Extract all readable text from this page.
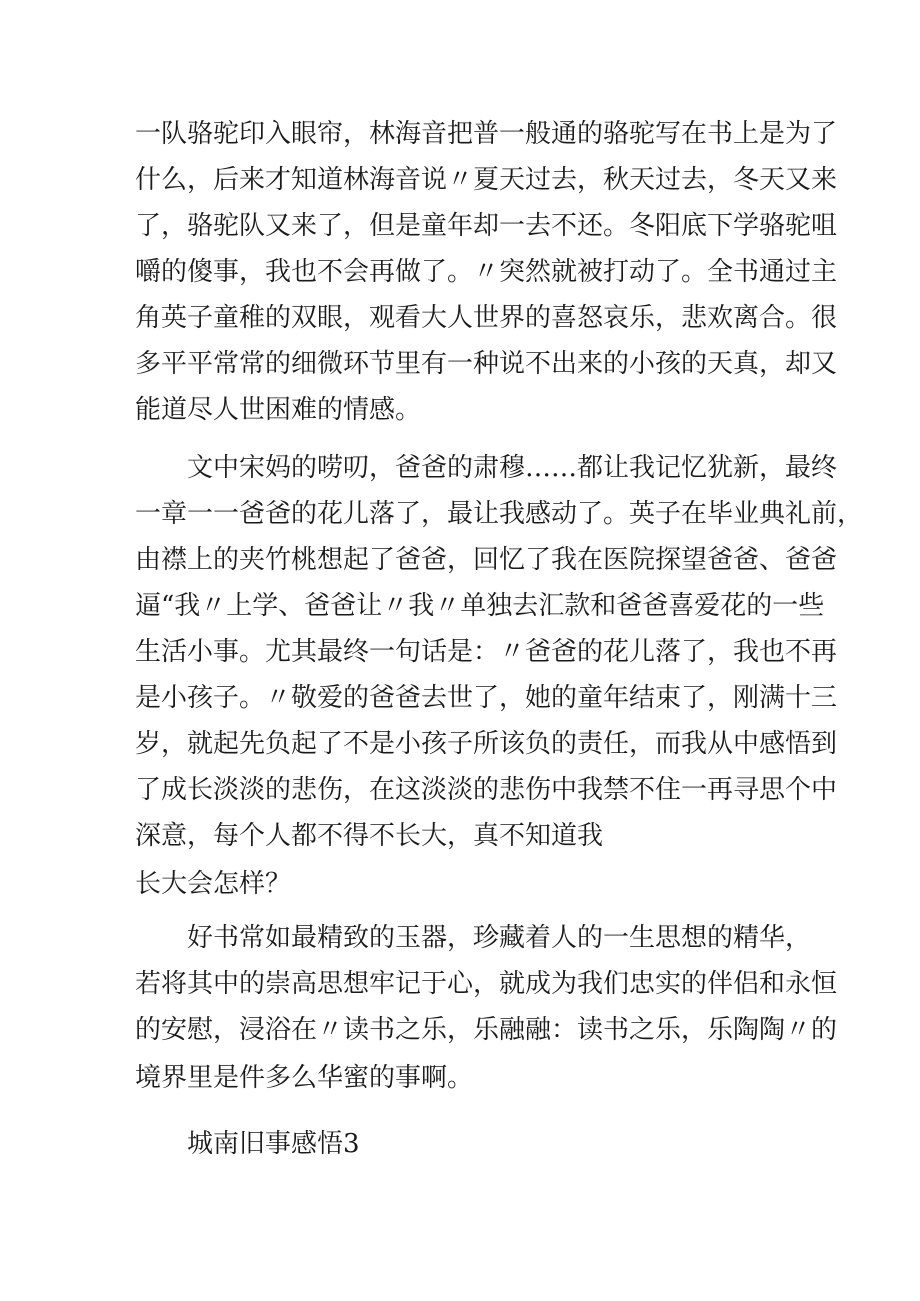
一队骆驼印入眼帘，林海音把普一般通的骆驼写在书上是为了
什么，后来才知道林海音说〃夏天过去，秋天过去，冬天又来
了，骆驼队又来了，但是童年却一去不还。冬阳底下学骆驼咀
嚼的傻事，我也不会再做了。〃突然就被打动了。全书通过主
角英子童稚的双眼，观看大人世界的喜怒哀乐，悲欢离合。很
多平平常常的细微环节里有一种说不出来的小孩的天真，却又
能道尽人世困难的情感。
文中宋妈的唠叨，爸爸的肃穆……都让我记忆犹新，最终
一章一一爸爸的花儿落了，最让我感动了。英子在毕业典礼前，
由襟上的夹竹桃想起了爸爸，回忆了我在医院探望爸爸、爸爸
逼“我〃上学、爸爸让〃我〃单独去汇款和爸爸喜爱花的一些
生活小事。尤其最终一句话是：〃爸爸的花儿落了，我也不再
是小孩子。〃敬爱的爸爸去世了，她的童年结束了，刚满十三
岁，就起先负起了不是小孩子所该负的责任，而我从中感悟到
了成长淡淡的悲伤，在这淡淡的悲伤中我禁不住一再寻思个中
深意，每个人都不得不长大，真不知道我
长大会怎样？
好书常如最精致的玉器，珍藏着人的一生思想的精华，
若将其中的崇高思想牢记于心，就成为我们忠实的伴侣和永恒
的安慰，浸浴在〃读书之乐，乐融融：读书之乐，乐陶陶〃的
境界里是件多么华蜜的事啊。
城南旧事感悟3
